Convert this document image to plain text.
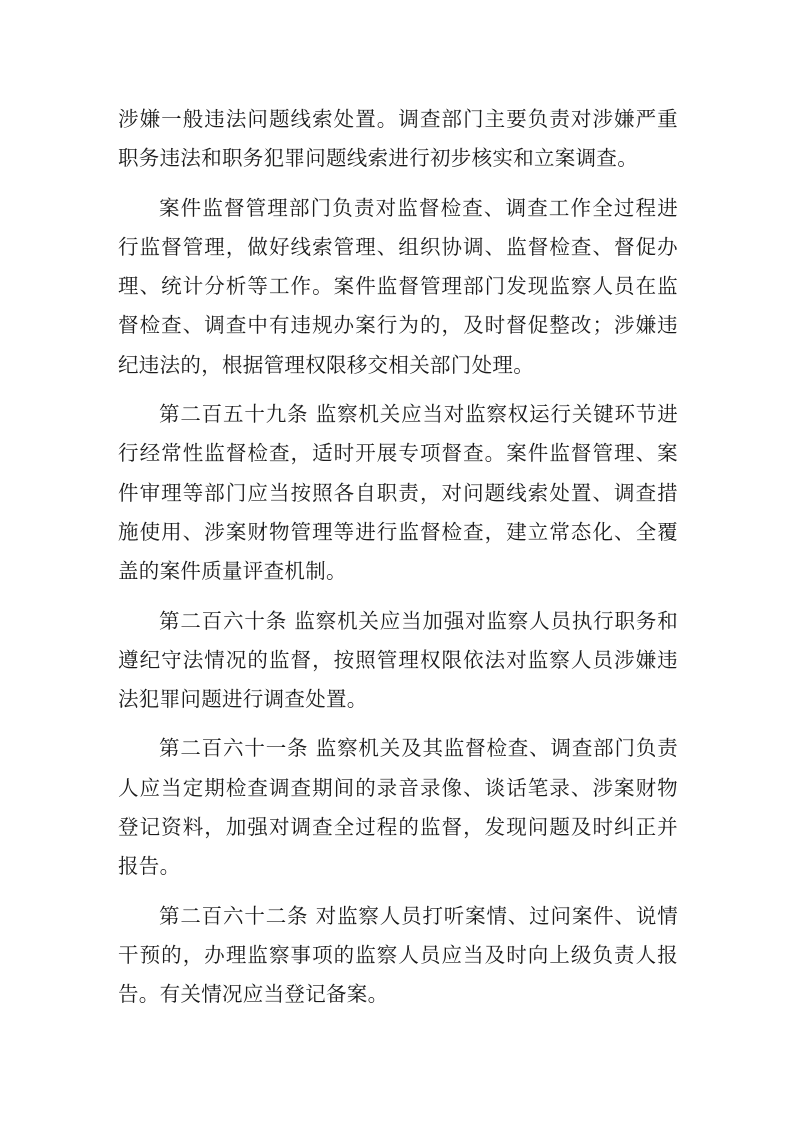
涉嫌一般违法问题线索处置。调查部门主要负责对涉嫌严重职务违法和职务犯罪问题线索进行初步核实和立案调查。

案件监督管理部门负责对监督检查、调查工作全过程进行监督管理，做好线索管理、组织协调、监督检查、督促办理、统计分析等工作。案件监督管理部门发现监察人员在监督检查、调查中有违规办案行为的，及时督促整改；涉嫌违纪违法的，根据管理权限移交相关部门处理。

第二百五十九条 监察机关应当对监察权运行关键环节进行经常性监督检查，适时开展专项督查。案件监督管理、案件审理等部门应当按照各自职责，对问题线索处置、调查措施使用、涉案财物管理等进行监督检查，建立常态化、全覆盖的案件质量评查机制。

第二百六十条 监察机关应当加强对监察人员执行职务和遵纪守法情况的监督，按照管理权限依法对监察人员涉嫌违法犯罪问题进行调查处置。

第二百六十一条 监察机关及其监督检查、调查部门负责人应当定期检查调查期间的录音录像、谈话笔录、涉案财物登记资料，加强对调查全过程的监督，发现问题及时纠正并报告。

第二百六十二条 对监察人员打听案情、过问案件、说情干预的，办理监察事项的监察人员应当及时向上级负责人报告。有关情况应当登记备案。
